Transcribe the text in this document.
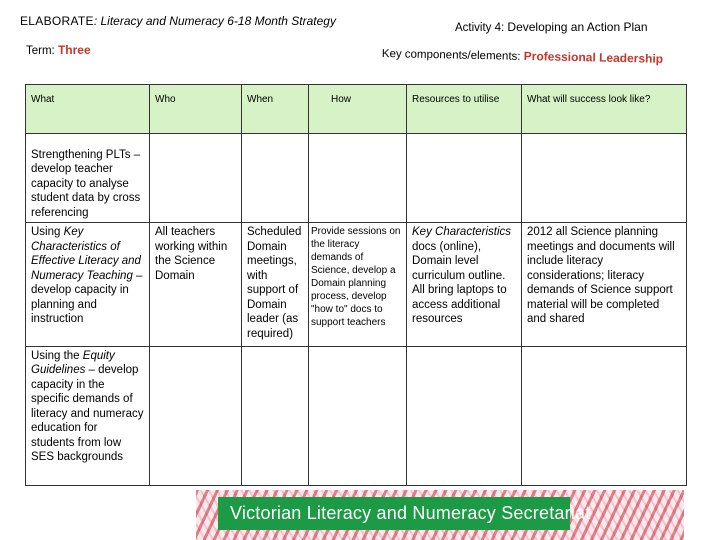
ELABORATE: Literacy and Numeracy 6-18 Month Strategy	Activity 4: Developing an Action Plan
Term: Three	Key components/elements: Professional Leadership
What	Who	When	How	Resources to utilise	What will success look like?
Strengthening PLTs – develop teacher capacity to analyse student data by cross referencing					
Using Key Characteristics of Effective Literacy and Numeracy Teaching – develop capacity in planning and instruction	All teachers working within the Science Domain	Scheduled Domain meetings, with support of Domain leader (as required)	Provide sessions on the literacy demands of Science, develop a Domain planning process, develop "how to" docs to support teachers	Key Characteristics docs (online), Domain level curriculum outline. All bring laptops to access additional resources	2012 all Science planning meetings and documents will include literacy considerations; literacy demands of Science support material will be completed and shared
Using the Equity Guidelines – develop capacity in the specific demands of literacy and numeracy education for students from low SES backgrounds					
Victorian Literacy and Numeracy Secretariat
